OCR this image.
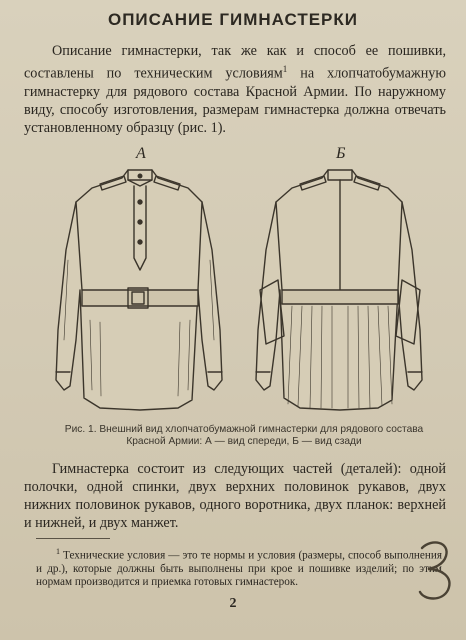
ОПИСАНИЕ ГИМНАСТЕРКИ
Описание гимнастерки, так же как и способ ее пошивки, составлены по техническим условиям$^1$ на хлопчатобумажную гимнастерку для рядового состава Красной Армии. По наружному виду, способу изготовления, размерам гимнастерка должна отвечать установленному образцу (рис. 1).
А	Б
Рис. 1. Внешний вид хлопчатобумажной гимнастерки для рядового состава Красной Армии: А — вид спереди, Б — вид сзади
Гимнастерка состоит из следующих частей (деталей): одной полочки, одной спинки, двух верхних половинок рукавов, двух нижних половинок рукавов, одного воротника, двух планок: верхней и нижней, и двух манжет.
$^1$ Технические условия — это те нормы и условия (размеры, способ выполнения и др.), которые должны быть выполнены при крое и пошивке изделий; по этим нормам производится и приемка готовых гимнастерок.
2
